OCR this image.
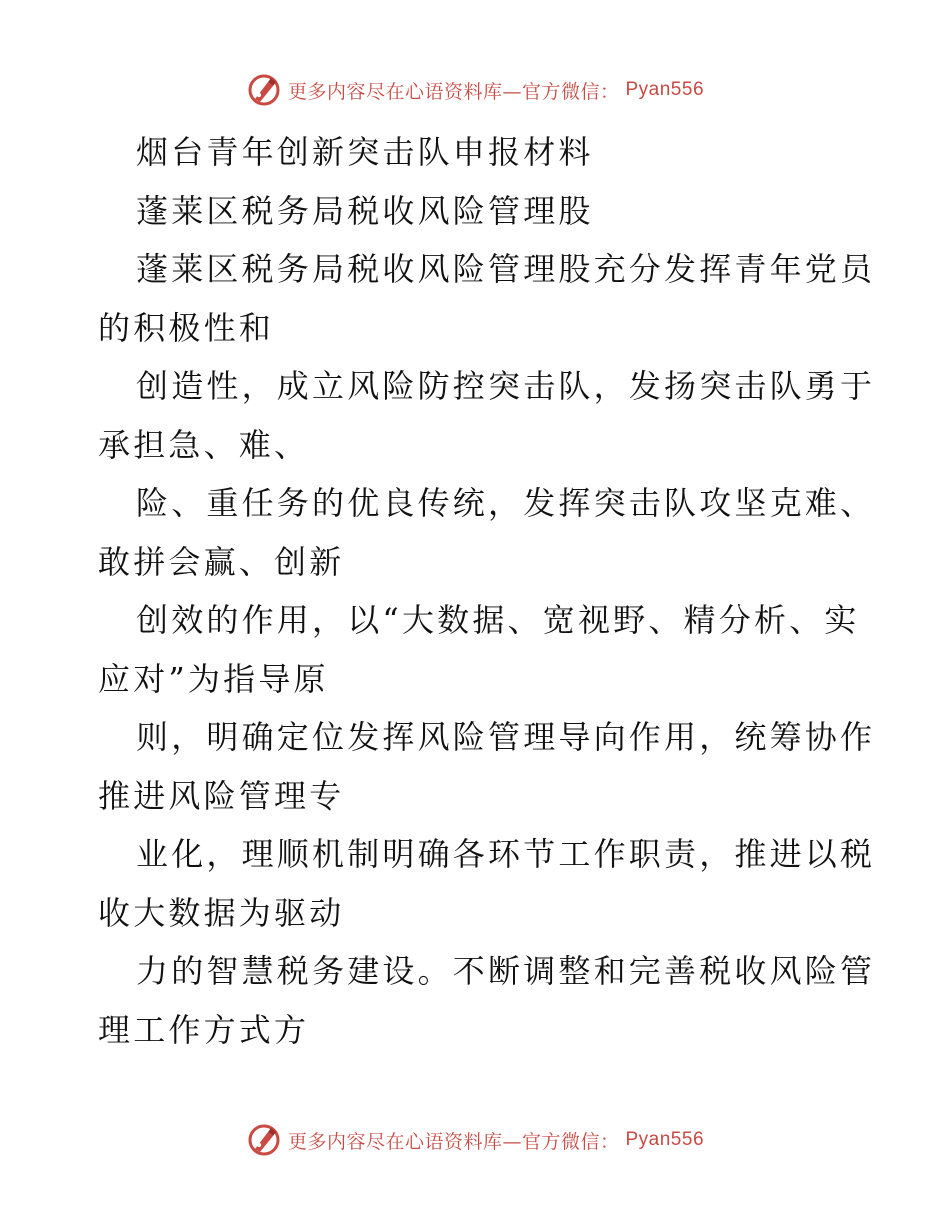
更多内容尽在心语资料库—官方微信： Pyan556
烟台青年创新突击队申报材料
蓬莱区税务局税收风险管理股
蓬莱区税务局税收风险管理股充分发挥青年党员
的积极性和
创造性，成立风险防控突击队，发扬突击队勇于
承担急、难、
险、重任务的优良传统，发挥突击队攻坚克难、
敢拼会赢、创新
创效的作用，以“大数据、宽视野、精分析、实
应对”为指导原
则，明确定位发挥风险管理导向作用，统筹协作
推进风险管理专
业化，理顺机制明确各环节工作职责，推进以税
收大数据为驱动
力的智慧税务建设。不断调整和完善税收风险管
理工作方式方
更多内容尽在心语资料库—官方微信： Pyan556
